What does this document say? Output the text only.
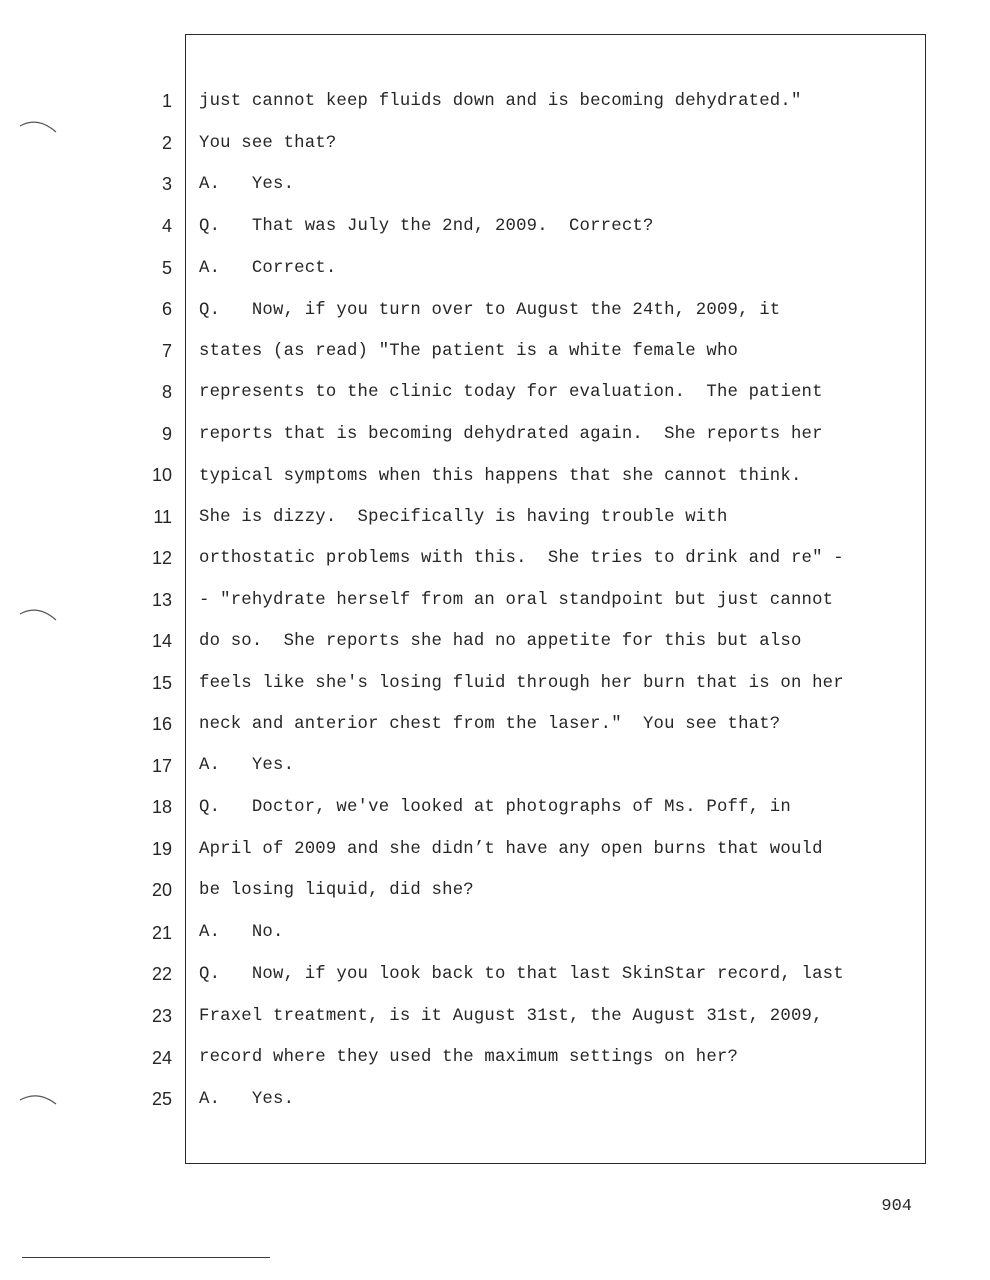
1 just cannot keep fluids down and is becoming dehydrated."
2 You see that?
3 A.   Yes.
4 Q.   That was July the 2nd, 2009.  Correct?
5 A.   Correct.
6 Q.   Now, if you turn over to August the 24th, 2009, it
7 states (as read) "The patient is a white female who
8 represents to the clinic today for evaluation.  The patient
9 reports that is becoming dehydrated again.  She reports her
10 typical symptoms when this happens that she cannot think.
11 She is dizzy.  Specifically is having trouble with
12 orthostatic problems with this.  She tries to drink and re" -
13 - "rehydrate herself from an oral standpoint but just cannot
14 do so.  She reports she had no appetite for this but also
15 feels like she's losing fluid through her burn that is on her
16 neck and anterior chest from the laser."  You see that?
17 A.   Yes.
18 Q.   Doctor, we've looked at photographs of Ms. Poff, in
19 April of 2009 and she didn’t have any open burns that would
20 be losing liquid, did she?
21 A.   No.
22 Q.   Now, if you look back to that last SkinStar record, last
23 Fraxel treatment, is it August 31st, the August 31st, 2009,
24 record where they used the maximum settings on her?
25 A.   Yes.
904
